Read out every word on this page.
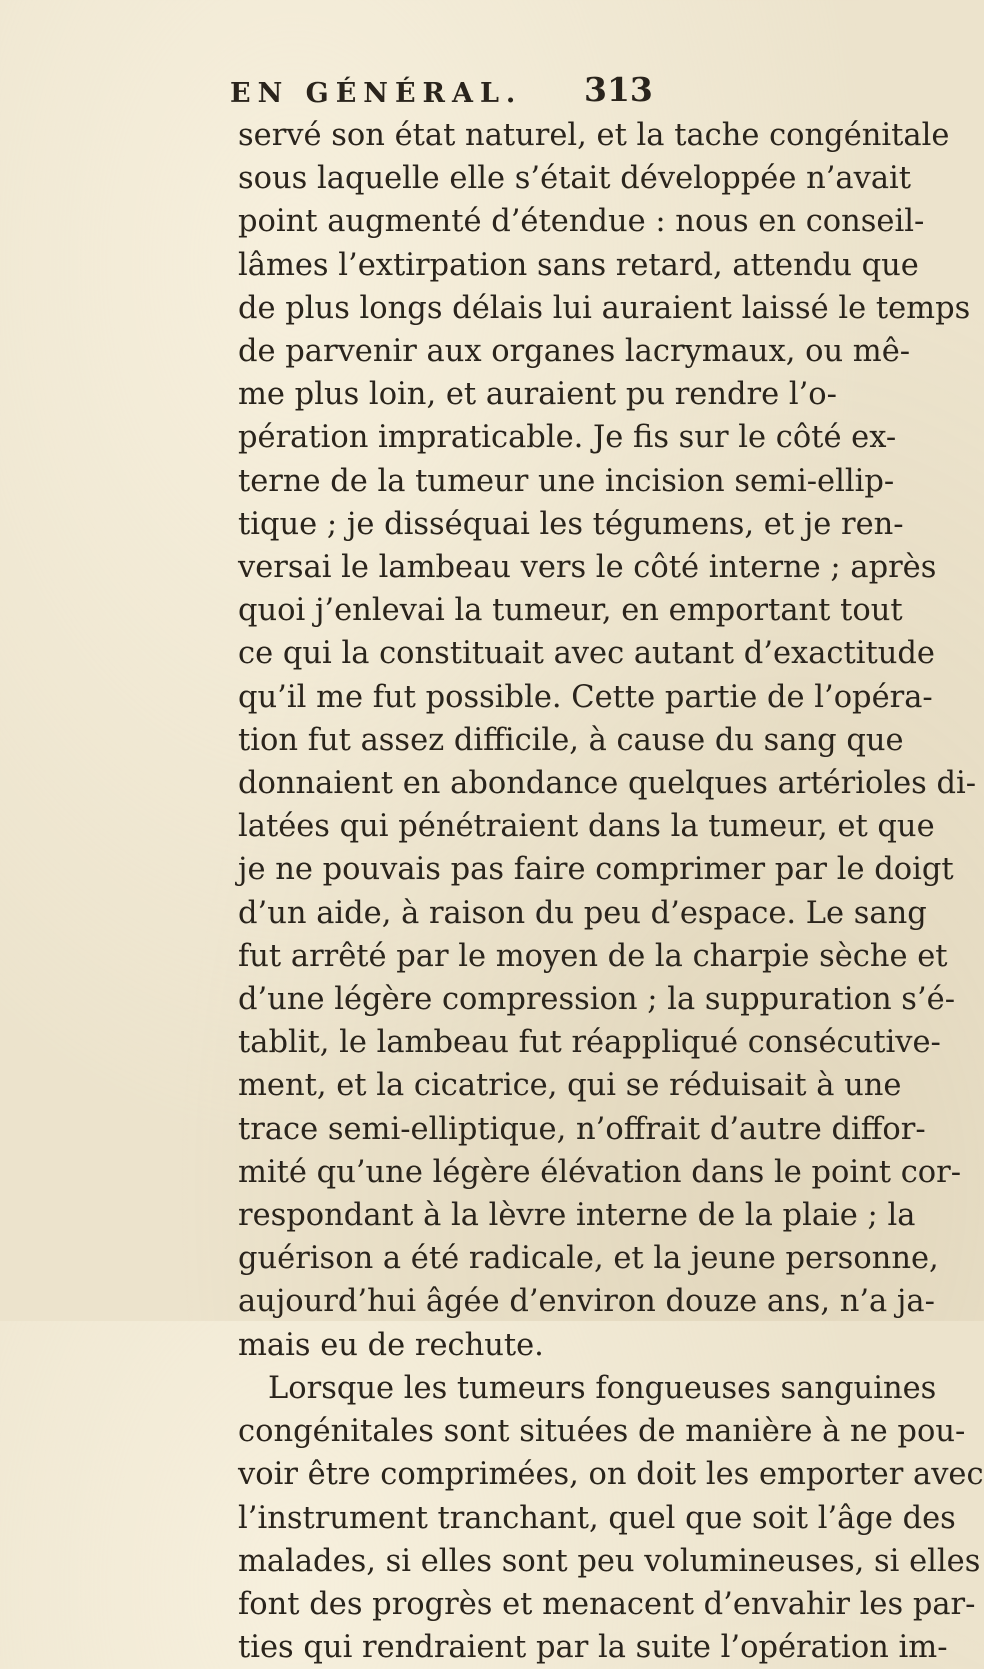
EN GÉNÉRAL. 313
servé son état naturel, et la tache congénitale
sous laquelle elle s’était développée n’avait
point augmenté d’étendue : nous en conseil-
lâmes l’extirpation sans retard, attendu que
de plus longs délais lui auraient laissé le temps
de parvenir aux organes lacrymaux, ou mê-
me plus loin, et auraient pu rendre l’o-
pération impraticable. Je fis sur le côté ex-
terne de la tumeur une incision semi-ellip-
tique ; je disséquai les tégumens, et je ren-
versai le lambeau vers le côté interne ; après
quoi j’enlevai la tumeur, en emportant tout
ce qui la constituait avec autant d’exactitude
qu’il me fut possible. Cette partie de l’opéra-
tion fut assez difficile, à cause du sang que
donnaient en abondance quelques artérioles di-
latées qui pénétraient dans la tumeur, et que
je ne pouvais pas faire comprimer par le doigt
d’un aide, à raison du peu d’espace. Le sang
fut arrêté par le moyen de la charpie sèche et
d’une légère compression ; la suppuration s’é-
tablit, le lambeau fut réappliqué consécutive-
ment, et la cicatrice, qui se réduisait à une
trace semi-elliptique, n’offrait d’autre diffor-
mité qu’une légère élévation dans le point cor-
respondant à la lèvre interne de la plaie ; la
guérison a été radicale, et la jeune personne,
aujourd’hui âgée d’environ douze ans, n’a ja-
mais eu de rechute.
Lorsque les tumeurs fongueuses sanguines
congénitales sont situées de manière à ne pou-
voir être comprimées, on doit les emporter avec
l’instrument tranchant, quel que soit l’âge des
malades, si elles sont peu volumineuses, si elles
font des progrès et menacent d’envahir les par-
ties qui rendraient par la suite l’opération im-
